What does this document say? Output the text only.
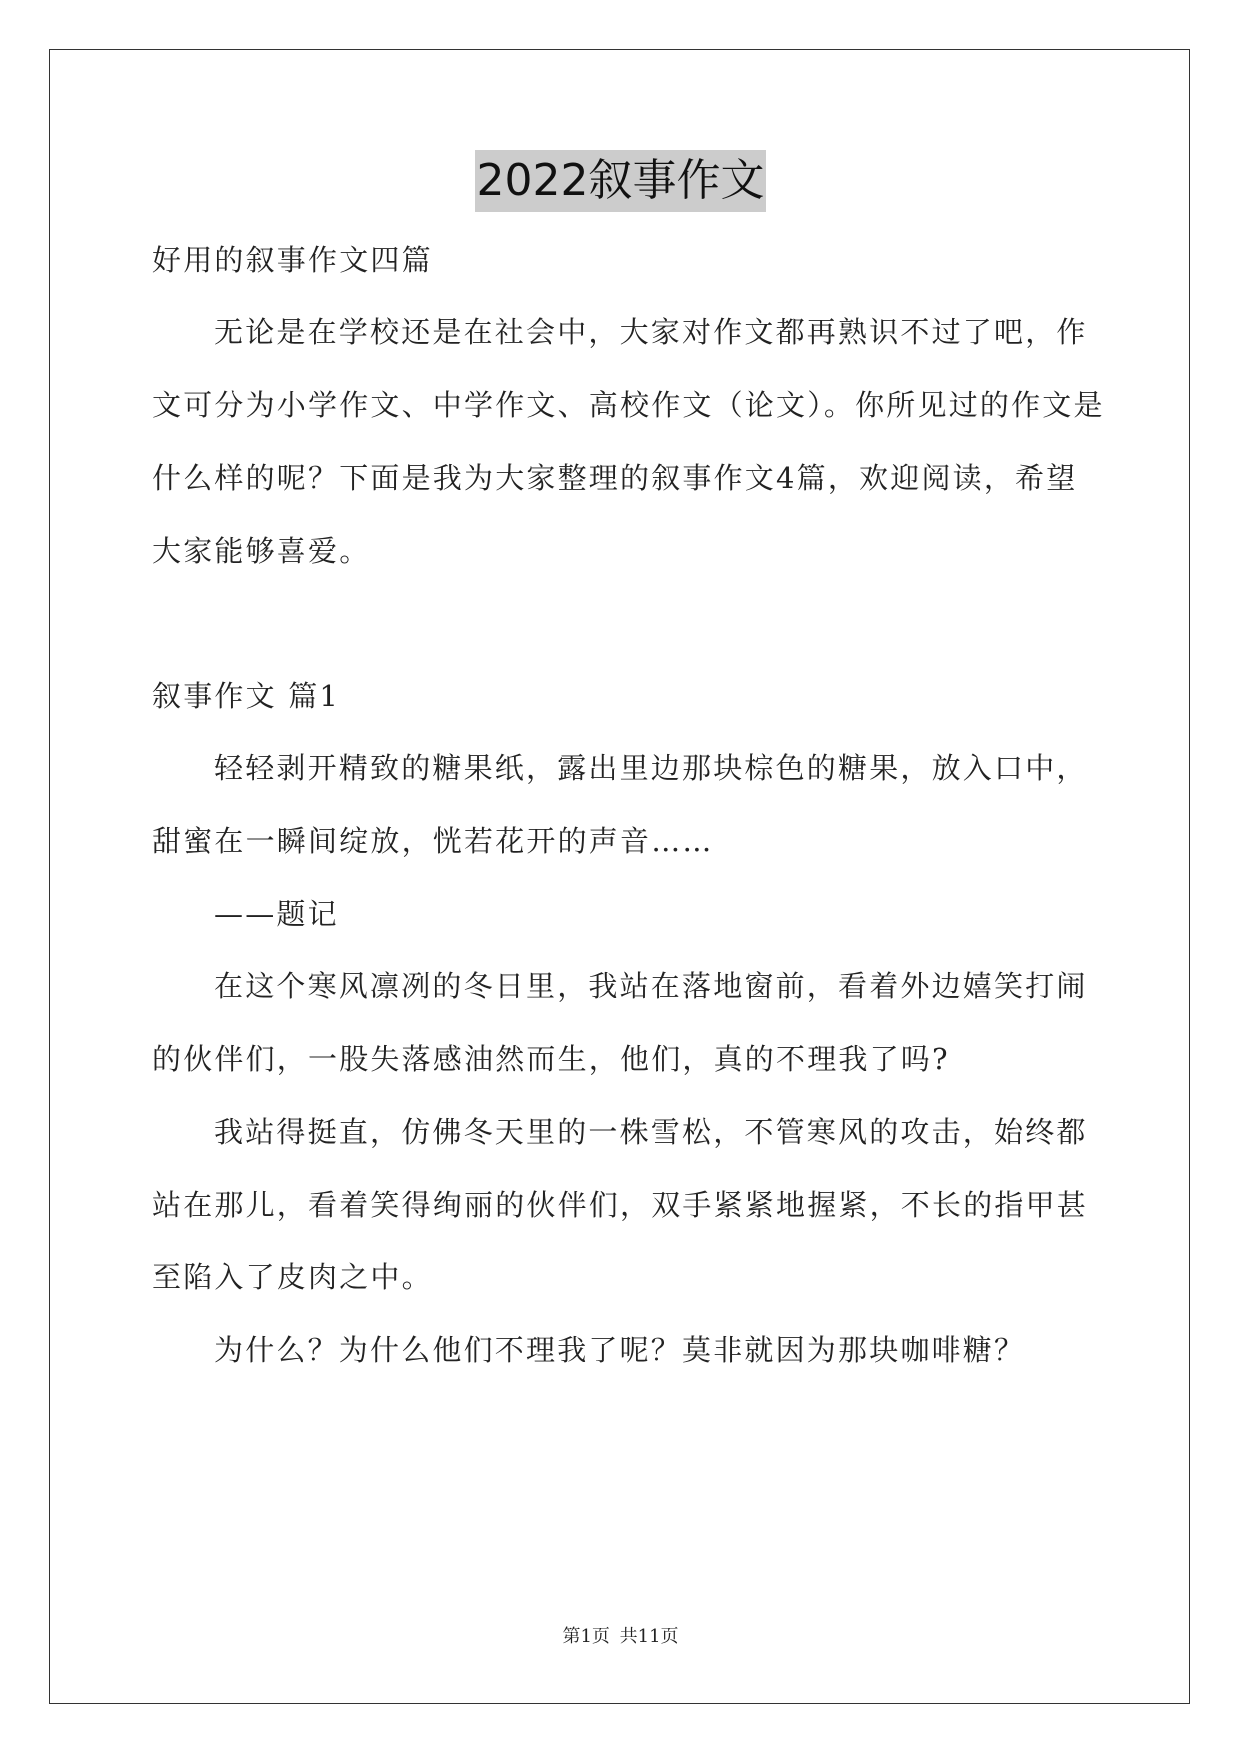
2022叙事作文
好用的叙事作文四篇
无论是在学校还是在社会中，大家对作文都再熟识不过了吧，作
文可分为小学作文、中学作文、高校作文（论文）。你所见过的作文是
什么样的呢？下面是我为大家整理的叙事作文4篇，欢迎阅读，希望
大家能够喜爱。
叙事作文 篇1
轻轻剥开精致的糖果纸，露出里边那块棕色的糖果，放入口中，
甜蜜在一瞬间绽放，恍若花开的声音……
——题记
在这个寒风凛冽的冬日里，我站在落地窗前，看着外边嬉笑打闹
的伙伴们，一股失落感油然而生，他们，真的不理我了吗?
我站得挺直，仿佛冬天里的一株雪松，不管寒风的攻击，始终都
站在那儿，看着笑得绚丽的伙伴们，双手紧紧地握紧，不长的指甲甚
至陷入了皮肉之中。
为什么？为什么他们不理我了呢？莫非就因为那块咖啡糖？
第1页 共11页
